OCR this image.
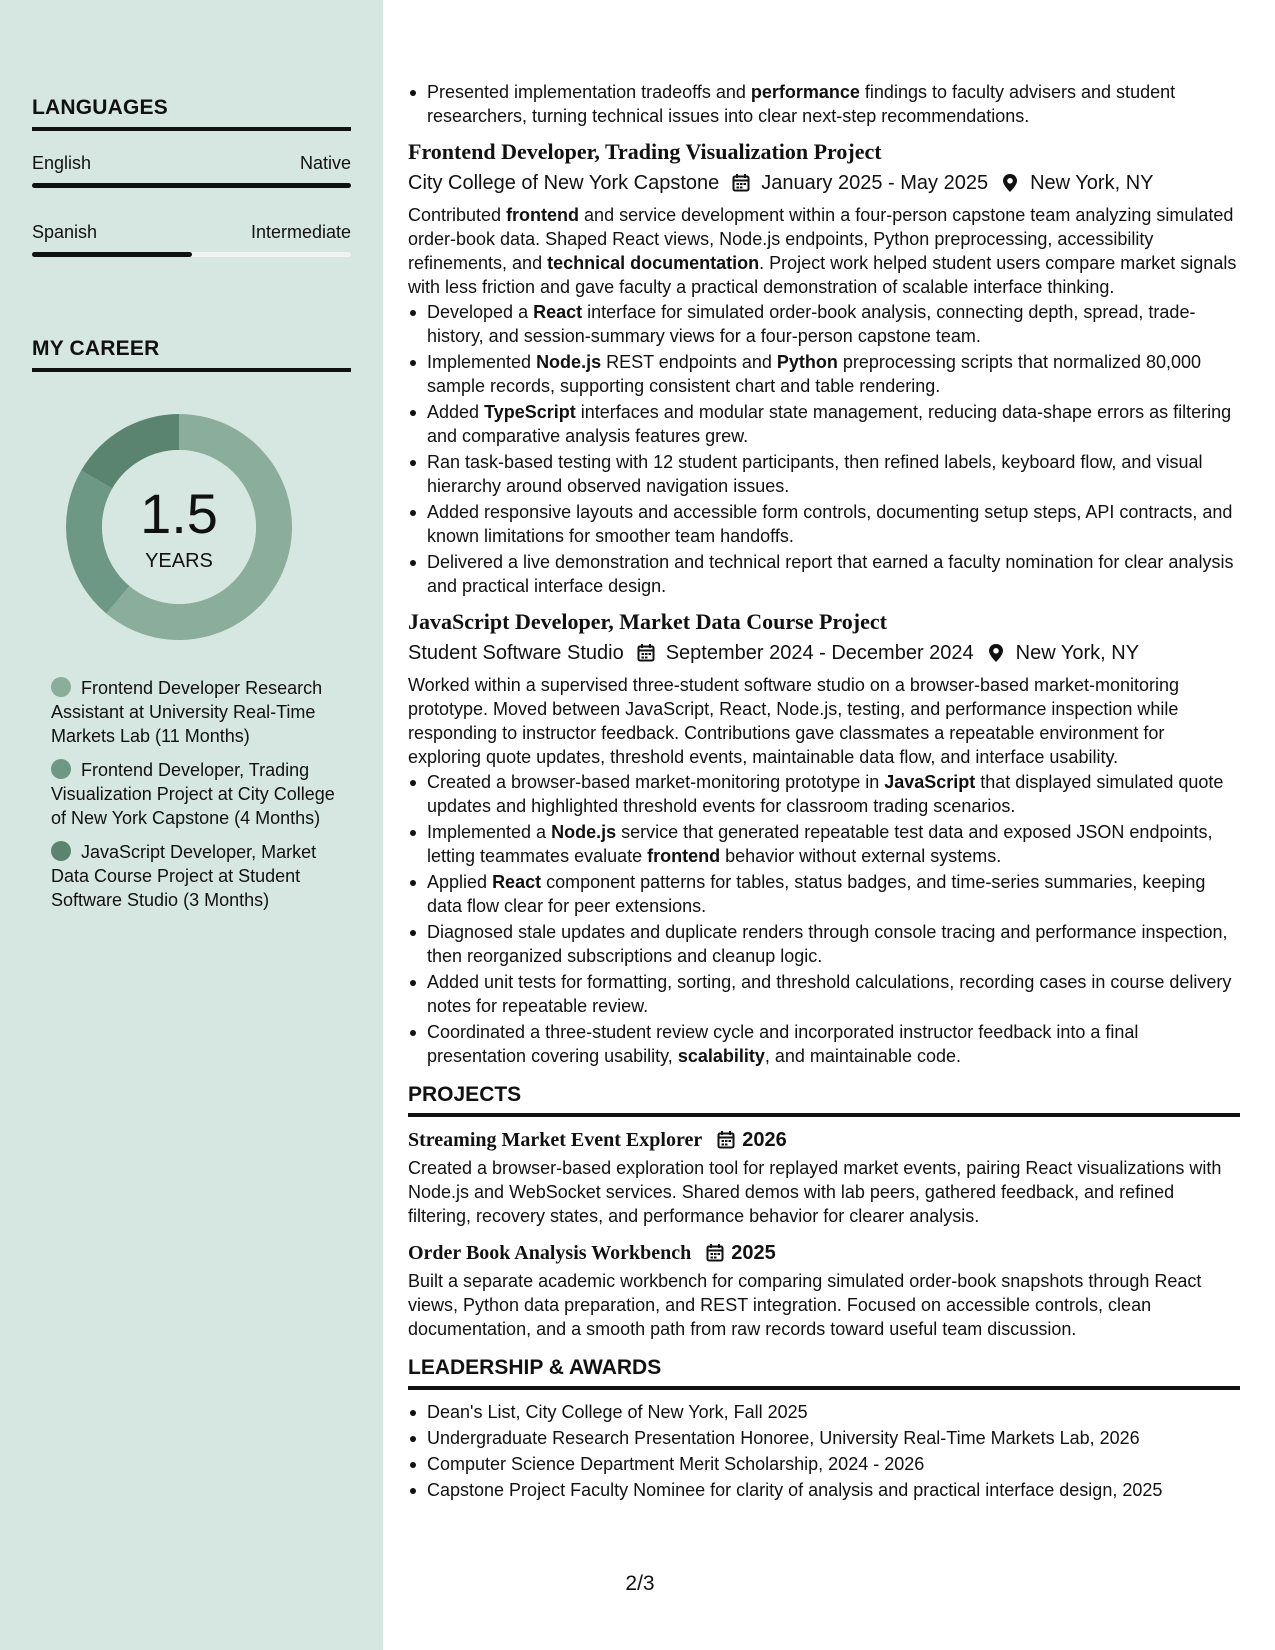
LANGUAGES
English	Native
Spanish	Intermediate
MY CAREER
1.5
YEARS
Frontend Developer Research Assistant at University Real-Time Markets Lab (11 Months)
Frontend Developer, Trading Visualization Project at City College of New York Capstone (4 Months)
JavaScript Developer, Market Data Course Project at Student Software Studio (3 Months)
Presented implementation tradeoffs and performance findings to faculty advisers and student researchers, turning technical issues into clear next-step recommendations.
Frontend Developer, Trading Visualization Project
City College of New York Capstone January 2025 - May 2025 New York, NY
Contributed frontend and service development within a four-person capstone team analyzing simulated order-book data. Shaped React views, Node.js endpoints, Python preprocessing, accessibility refinements, and technical documentation. Project work helped student users compare market signals with less friction and gave faculty a practical demonstration of scalable interface thinking.
Developed a React interface for simulated order-book analysis, connecting depth, spread, trade-history, and session-summary views for a four-person capstone team.
Implemented Node.js REST endpoints and Python preprocessing scripts that normalized 80,000 sample records, supporting consistent chart and table rendering.
Added TypeScript interfaces and modular state management, reducing data-shape errors as filtering and comparative analysis features grew.
Ran task-based testing with 12 student participants, then refined labels, keyboard flow, and visual hierarchy around observed navigation issues.
Added responsive layouts and accessible form controls, documenting setup steps, API contracts, and known limitations for smoother team handoffs.
Delivered a live demonstration and technical report that earned a faculty nomination for clear analysis and practical interface design.
JavaScript Developer, Market Data Course Project
Student Software Studio September 2024 - December 2024 New York, NY
Worked within a supervised three-student software studio on a browser-based market-monitoring prototype. Moved between JavaScript, React, Node.js, testing, and performance inspection while responding to instructor feedback. Contributions gave classmates a repeatable environment for exploring quote updates, threshold events, maintainable data flow, and interface usability.
Created a browser-based market-monitoring prototype in JavaScript that displayed simulated quote updates and highlighted threshold events for classroom trading scenarios.
Implemented a Node.js service that generated repeatable test data and exposed JSON endpoints, letting teammates evaluate frontend behavior without external systems.
Applied React component patterns for tables, status badges, and time-series summaries, keeping data flow clear for peer extensions.
Diagnosed stale updates and duplicate renders through console tracing and performance inspection, then reorganized subscriptions and cleanup logic.
Added unit tests for formatting, sorting, and threshold calculations, recording cases in course delivery notes for repeatable review.
Coordinated a three-student review cycle and incorporated instructor feedback into a final presentation covering usability, scalability, and maintainable code.
PROJECTS
Streaming Market Event Explorer 2026
Created a browser-based exploration tool for replayed market events, pairing React visualizations with Node.js and WebSocket services. Shared demos with lab peers, gathered feedback, and refined filtering, recovery states, and performance behavior for clearer analysis.
Order Book Analysis Workbench 2025
Built a separate academic workbench for comparing simulated order-book snapshots through React views, Python data preparation, and REST integration. Focused on accessible controls, clean documentation, and a smooth path from raw records toward useful team discussion.
LEADERSHIP & AWARDS
Dean's List, City College of New York, Fall 2025
Undergraduate Research Presentation Honoree, University Real-Time Markets Lab, 2026
Computer Science Department Merit Scholarship, 2024 - 2026
Capstone Project Faculty Nominee for clarity of analysis and practical interface design, 2025
2/3
